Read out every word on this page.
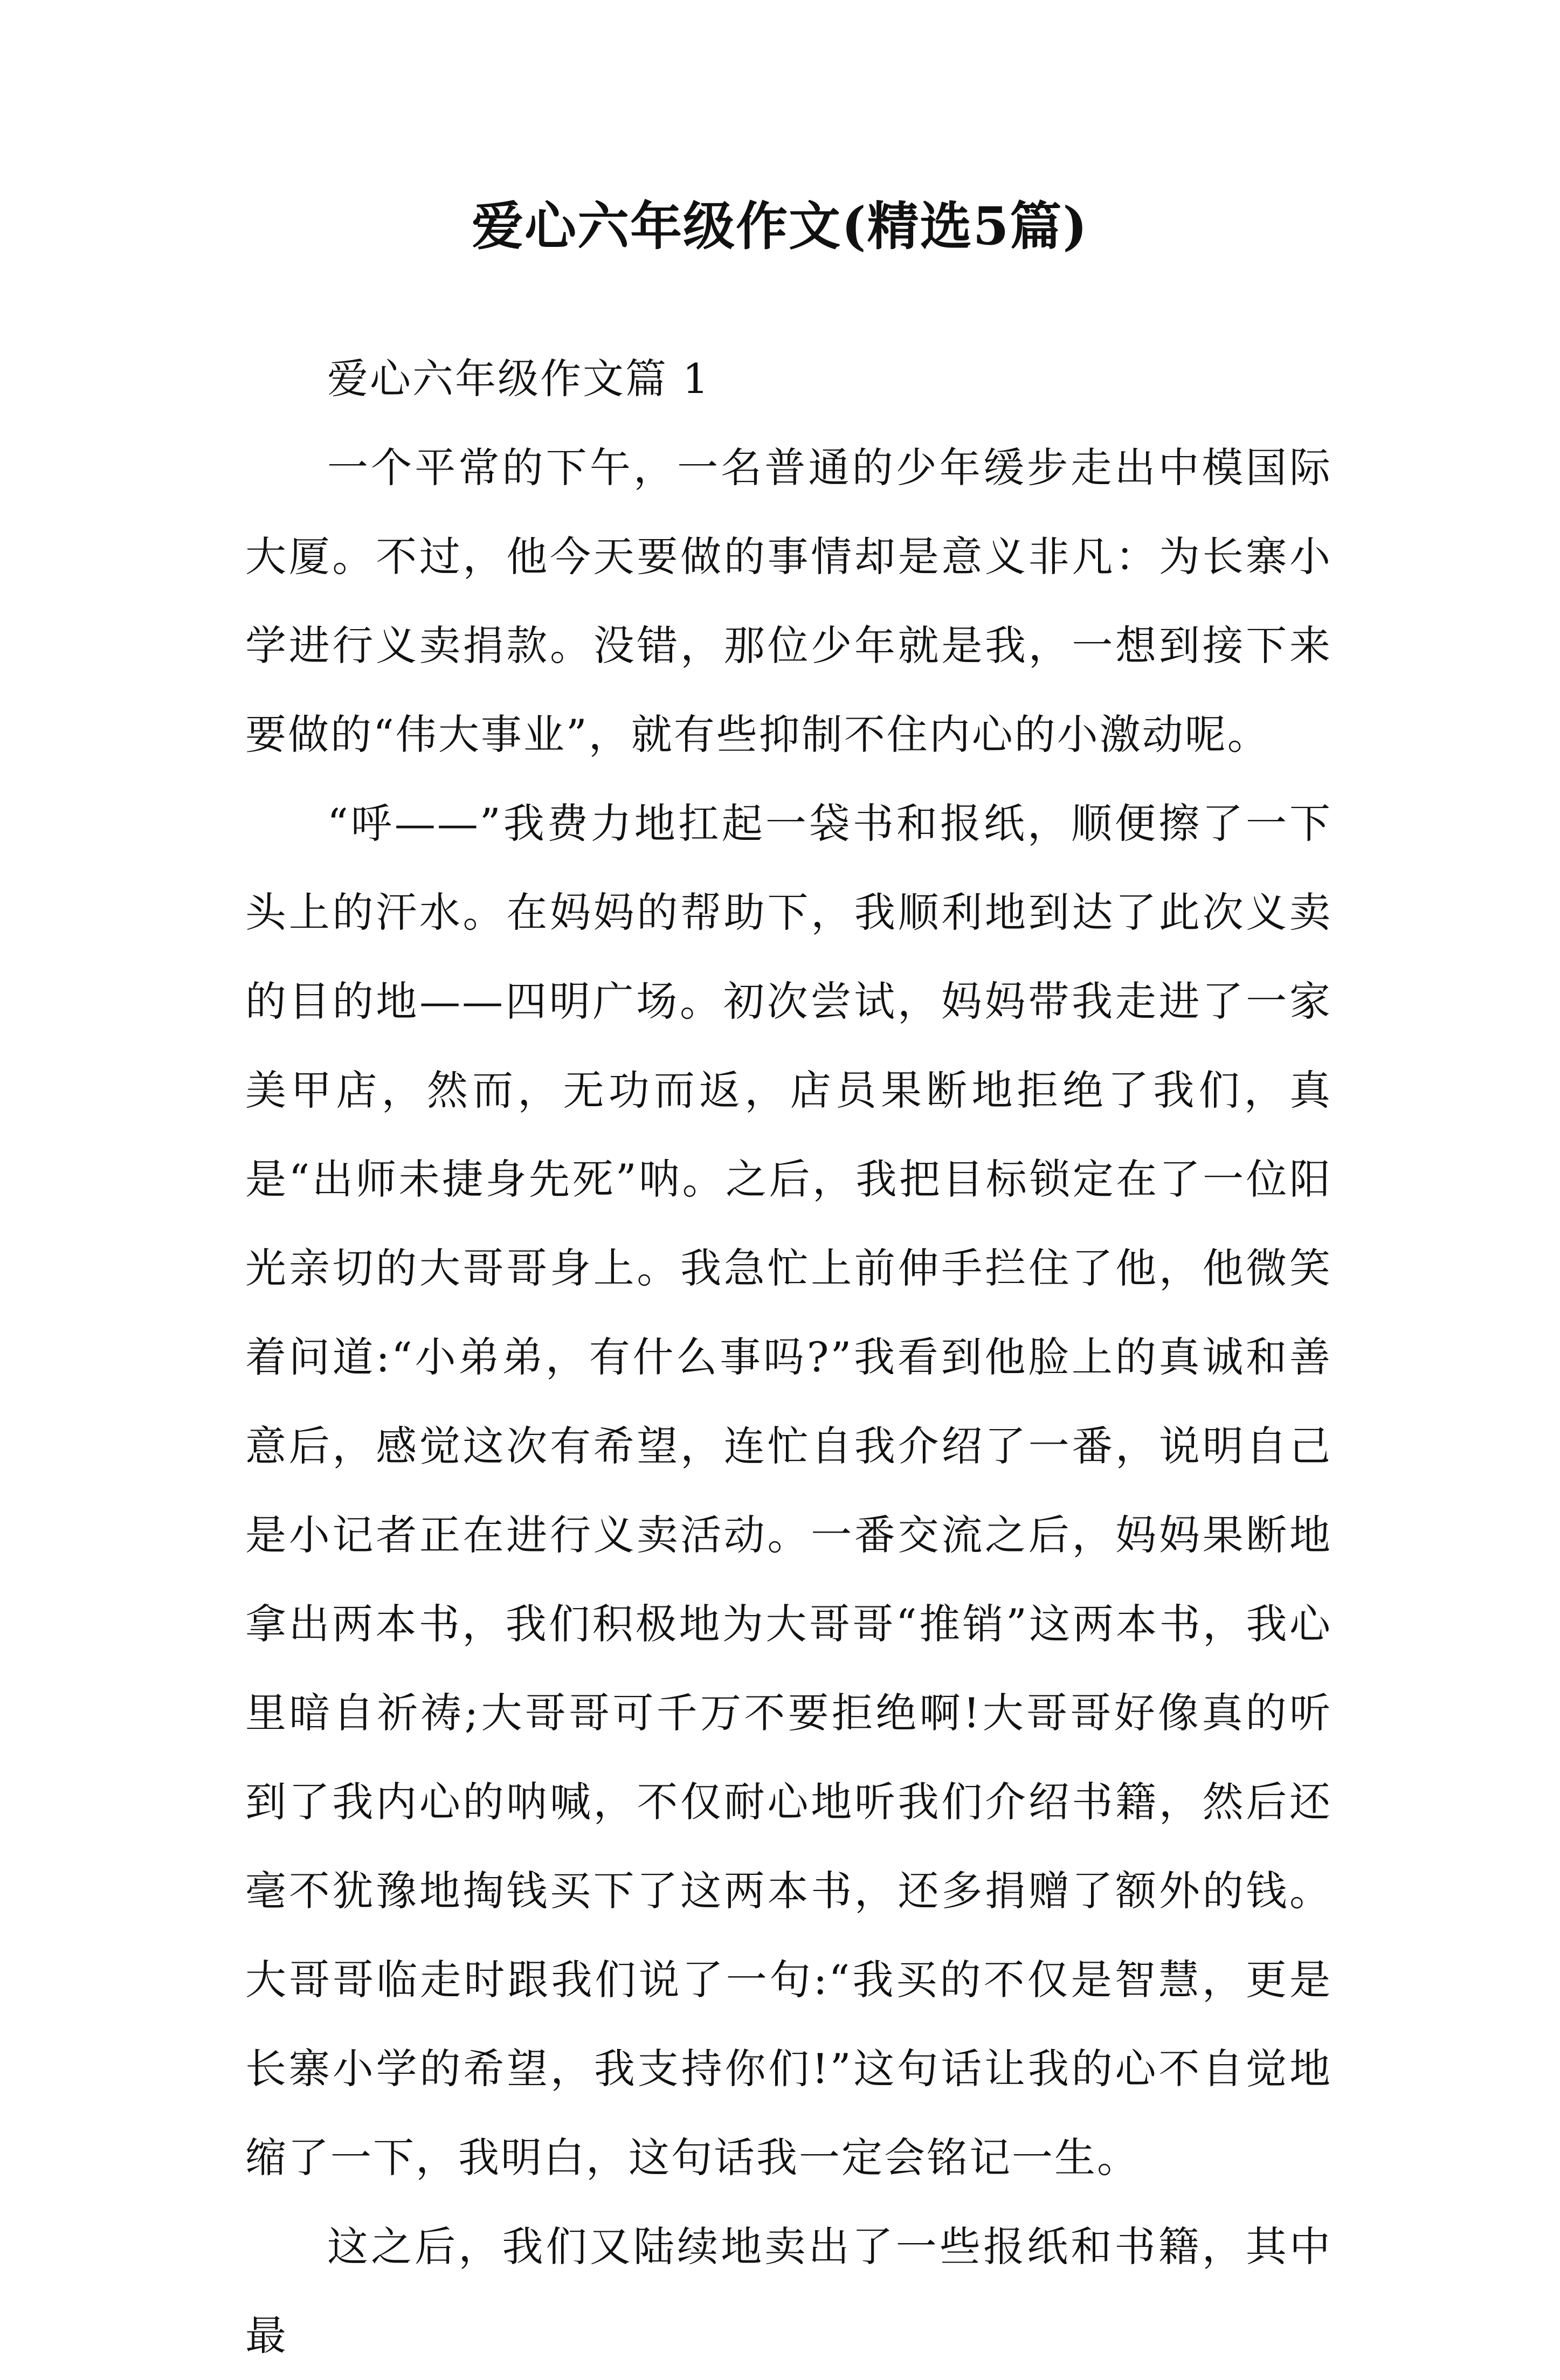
爱心六年级作文(精选5篇)

爱心六年级作文篇 1

一个平常的下午，一名普通的少年缓步走出中模国际大厦。不过，他今天要做的事情却是意义非凡：为长寨小学进行义卖捐款。没错，那位少年就是我，一想到接下来要做的“伟大事业”，就有些抑制不住内心的小激动呢。

“呼——”我费力地扛起一袋书和报纸，顺便擦了一下头上的汗水。在妈妈的帮助下，我顺利地到达了此次义卖的目的地——四明广场。初次尝试，妈妈带我走进了一家美甲店，然而，无功而返，店员果断地拒绝了我们，真是“出师未捷身先死”呐。之后，我把目标锁定在了一位阳光亲切的大哥哥身上。我急忙上前伸手拦住了他，他微笑着问道:“小弟弟，有什么事吗?”我看到他脸上的真诚和善意后，感觉这次有希望，连忙自我介绍了一番，说明自己是小记者正在进行义卖活动。一番交流之后，妈妈果断地拿出两本书，我们积极地为大哥哥“推销”这两本书，我心里暗自祈祷;大哥哥可千万不要拒绝啊!大哥哥好像真的听到了我内心的呐喊，不仅耐心地听我们介绍书籍，然后还毫不犹豫地掏钱买下了这两本书，还多捐赠了额外的钱。大哥哥临走时跟我们说了一句:“我买的不仅是智慧，更是长寨小学的希望，我支持你们!”这句话让我的心不自觉地缩了一下，我明白，这句话我一定会铭记一生。

这之后，我们又陆续地卖出了一些报纸和书籍，其中最
